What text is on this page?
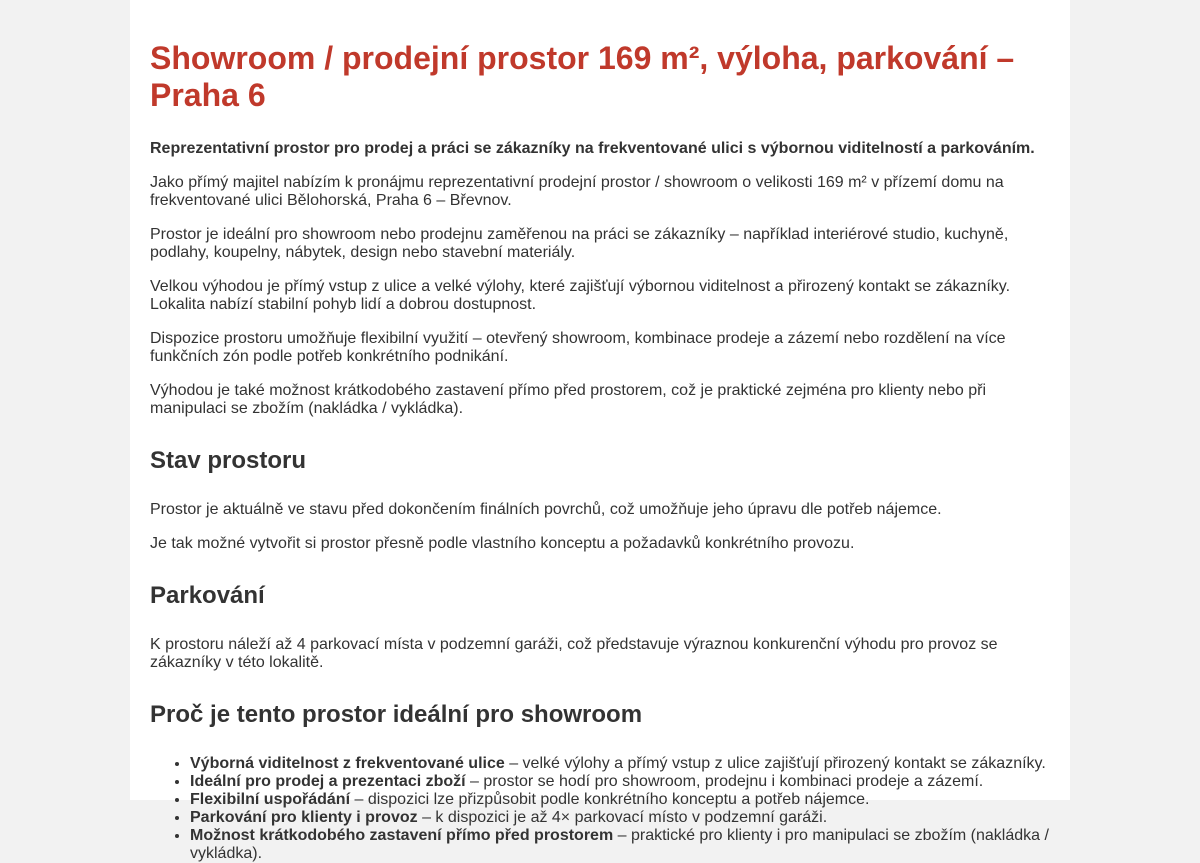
Showroom / prodejní prostor 169 m², výloha, parkování – Praha 6

Reprezentativní prostor pro prodej a práci se zákazníky na frekventované ulici s výbornou viditelností a parkováním.

Jako přímý majitel nabízím k pronájmu reprezentativní prodejní prostor / showroom o velikosti 169 m² v přízemí domu na frekventované ulici Bělohorská, Praha 6 – Břevnov.

Prostor je ideální pro showroom nebo prodejnu zaměřenou na práci se zákazníky – například interiérové studio, kuchyně, podlahy, koupelny, nábytek, design nebo stavební materiály.

Velkou výhodou je přímý vstup z ulice a velké výlohy, které zajišťují výbornou viditelnost a přirozený kontakt se zákazníky. Lokalita nabízí stabilní pohyb lidí a dobrou dostupnost.

Dispozice prostoru umožňuje flexibilní využití – otevřený showroom, kombinace prodeje a zázemí nebo rozdělení na více funkčních zón podle potřeb konkrétního podnikání.

Výhodou je také možnost krátkodobého zastavení přímo před prostorem, což je praktické zejména pro klienty nebo při manipulaci se zbožím (nakládka / vykládka).

Stav prostoru

Prostor je aktuálně ve stavu před dokončením finálních povrchů, což umožňuje jeho úpravu dle potřeb nájemce.

Je tak možné vytvořit si prostor přesně podle vlastního konceptu a požadavků konkrétního provozu.

Parkování

K prostoru náleží až 4 parkovací místa v podzemní garáži, což představuje výraznou konkurenční výhodu pro provoz se zákazníky v této lokalitě.

Proč je tento prostor ideální pro showroom
• Výborná viditelnost z frekventované ulice – velké výlohy a přímý vstup z ulice zajišťují přirozený kontakt se zákazníky.
• Ideální pro prodej a prezentaci zboží – prostor se hodí pro showroom, prodejnu i kombinaci prodeje a zázemí.
• Flexibilní uspořádání – dispozici lze přizpůsobit podle konkrétního konceptu a potřeb nájemce.
• Parkování pro klienty i provoz – k dispozici je až 4× parkovací místo v podzemní garáži.
• Možnost krátkodobého zastavení přímo před prostorem – praktické pro klienty i pro manipulaci se zbožím (nakládka / vykládka).
